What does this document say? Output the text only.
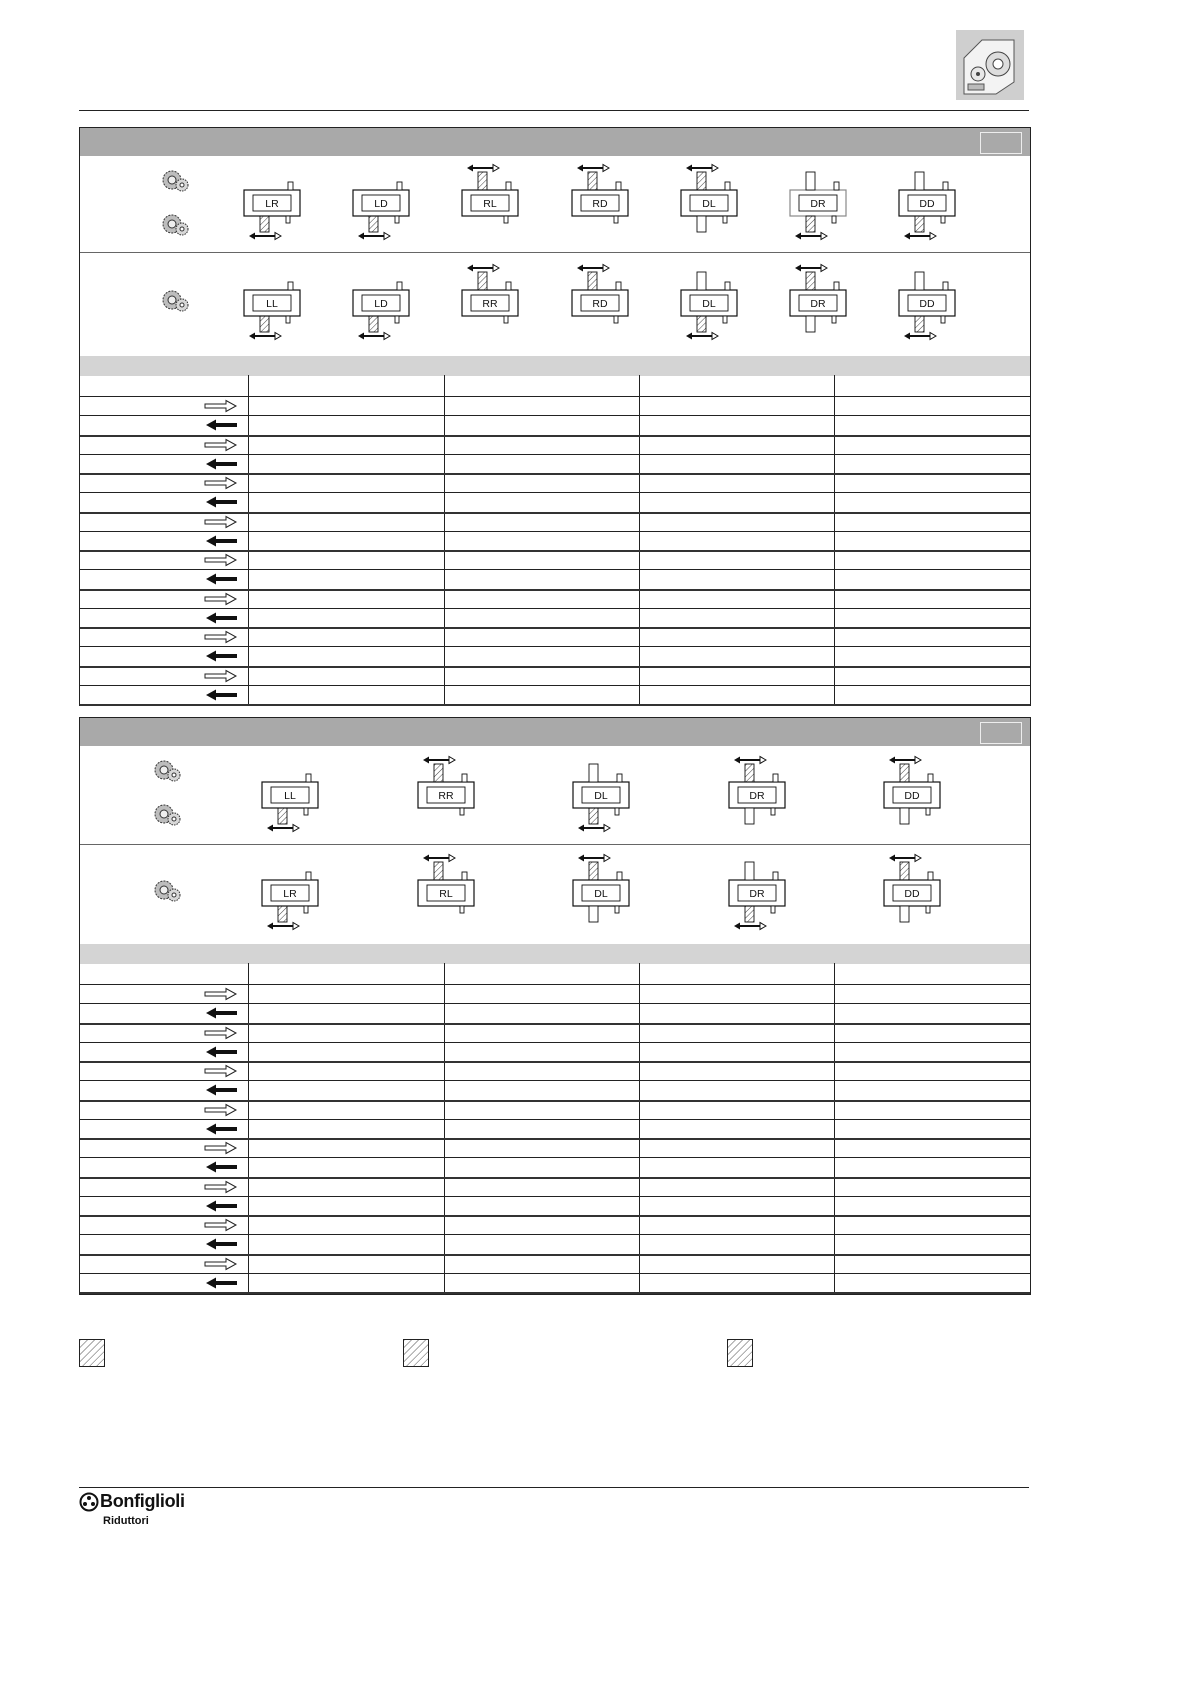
LR	LD	RL	RD	DL	DR	DD
LL	LD	RR	RD	DL	DR	DD
LL	RR	DL	DR	DD
LR	RL	DL	DR	DD
Bonfiglioli
Riduttori
